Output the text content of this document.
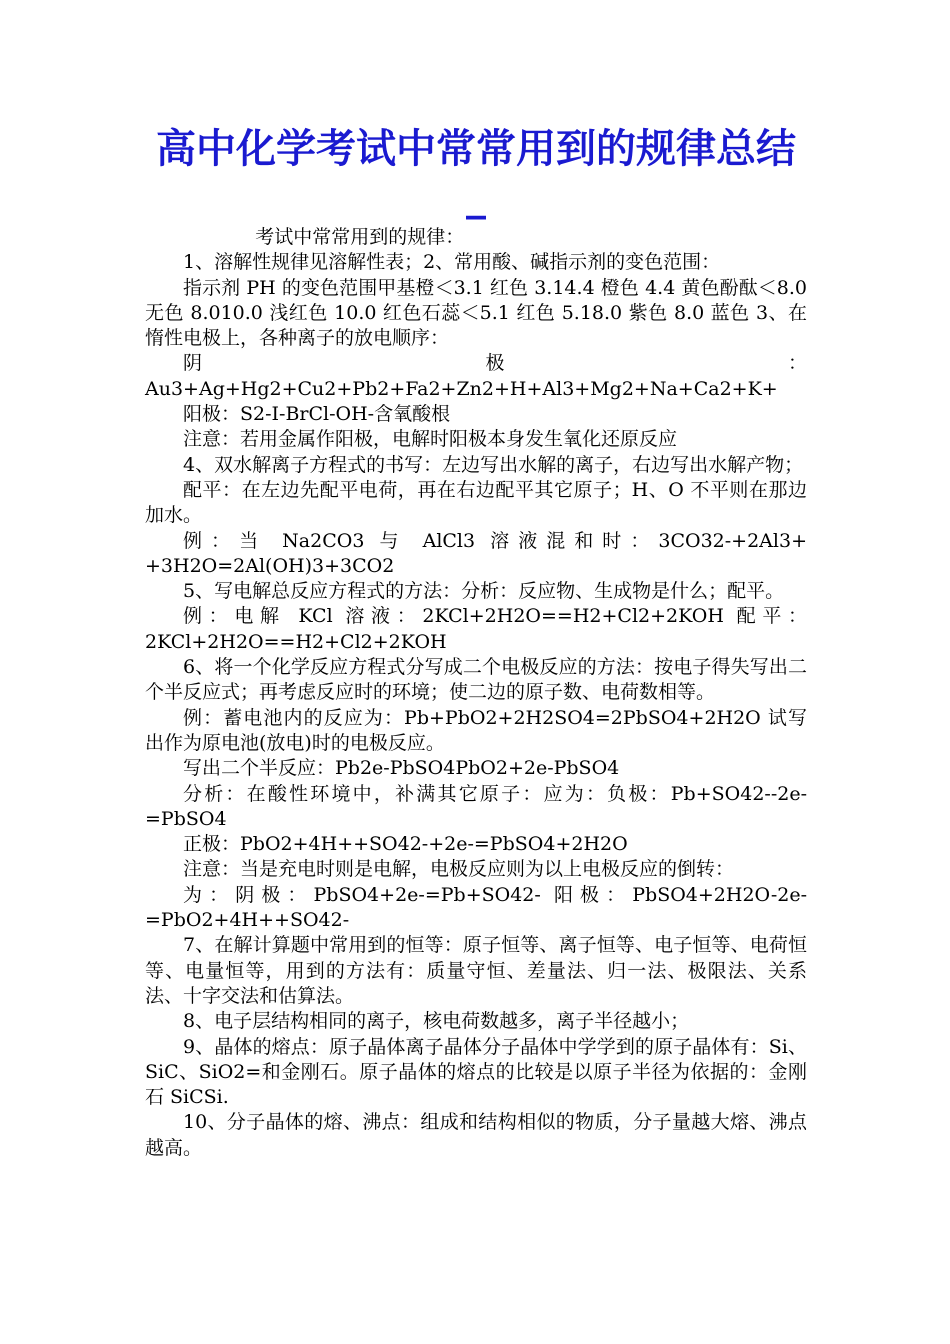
高中化学考试中常常用到的规律总结_

考试中常常用到的规律：

1、溶解性规律见溶解性表；2、常用酸、碱指示剂的变色范围：

指示剂 PH 的变色范围甲基橙＜3.1 红色 3.14.4 橙色 4.4 黄色酚酞＜8.0 无色 8.010.0 浅红色 10.0 红色石蕊＜5.1 红色 5.18.0 紫色 8.0 蓝色 3、在惰性电极上，各种离子的放电顺序：

阴极：Au3+Ag+Hg2+Cu2+Pb2+Fa2+Zn2+H+Al3+Mg2+Na+Ca2+K+

阳极：S2-I-BrCl-OH-含氧酸根

注意：若用金属作阳极，电解时阳极本身发生氧化还原反应

4、双水解离子方程式的书写：左边写出水解的离子，右边写出水解产物；

配平：在左边先配平电荷，再在右边配平其它原子；H、O 不平则在那边加水。

例：当 Na2CO3 与 AlCl3 溶液混和时：3CO32-+2Al3+ +3H2O=2Al(OH)3+3CO2

5、写电解总反应方程式的方法：分析：反应物、生成物是什么；配平。

例：电解 KCl 溶液：2KCl+2H2O==H2+Cl2+2KOH 配平：2KCl+2H2O==H2+Cl2+2KOH

6、将一个化学反应方程式分写成二个电极反应的方法：按电子得失写出二个半反应式；再考虑反应时的环境；使二边的原子数、电荷数相等。

例：蓄电池内的反应为：Pb+PbO2+2H2SO4=2PbSO4+2H2O 试写出作为原电池(放电)时的电极反应。

写出二个半反应：Pb2e-PbSO4PbO2+2e-PbSO4

分析：在酸性环境中，补满其它原子：应为：负极：Pb+SO42--2e-=PbSO4

正极：PbO2+4H++SO42-+2e-=PbSO4+2H2O

注意：当是充电时则是电解，电极反应则为以上电极反应的倒转：

为：阴极：PbSO4+2e-=Pb+SO42- 阳极：PbSO4+2H2O-2e-=PbO2+4H++SO42-

7、在解计算题中常用到的恒等：原子恒等、离子恒等、电子恒等、电荷恒等、电量恒等，用到的方法有：质量守恒、差量法、归一法、极限法、关系法、十字交法和估算法。

8、电子层结构相同的离子，核电荷数越多，离子半径越小；

9、晶体的熔点：原子晶体离子晶体分子晶体中学学到的原子晶体有：Si、SiC、SiO2=和金刚石。原子晶体的熔点的比较是以原子半径为依据的：金刚石 SiCSi.

10、分子晶体的熔、沸点：组成和结构相似的物质，分子量越大熔、沸点越高。
